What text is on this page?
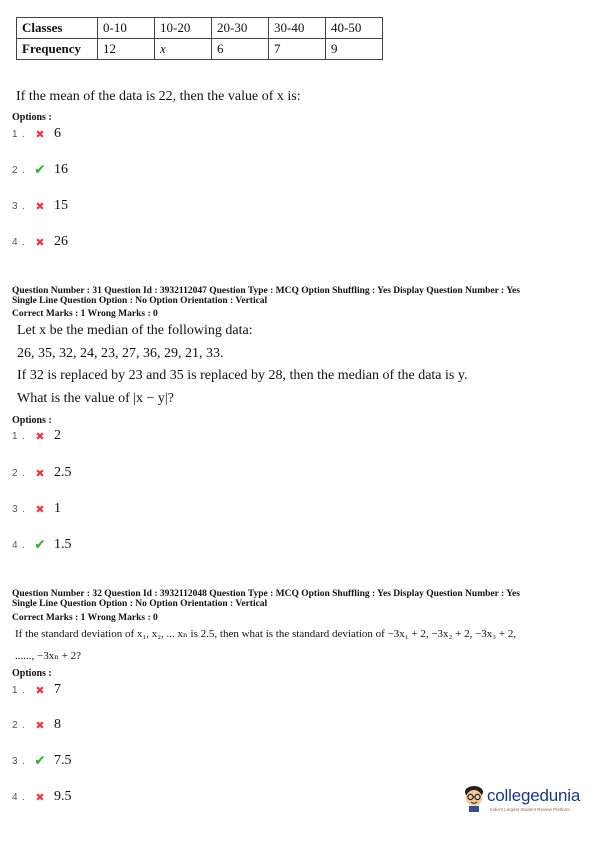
Classes	0-10	10-20	20-30	30-40	40-50
Frequency	12	x	6	7	9
If the mean of the data is 22, then the value of x is:
Options :
1 . ✖ 6
2 . ✔ 16
3 . ✖ 15
4 . ✖ 26
Question Number : 31 Question Id : 3932112047 Question Type : MCQ Option Shuffling : Yes Display Question Number : Yes
Single Line Question Option : No Option Orientation : Vertical
Correct Marks : 1 Wrong Marks : 0
Let x be the median of the following data:
26, 35, 32, 24, 23, 27, 36, 29, 21, 33.
If 32 is replaced by 23 and 35 is replaced by 28, then the median of the data is y.
What is the value of |x − y|?
Options :
1 . ✖ 2
2 . ✖ 2.5
3 . ✖ 1
4 . ✔ 1.5
Question Number : 32 Question Id : 3932112048 Question Type : MCQ Option Shuffling : Yes Display Question Number : Yes
Single Line Question Option : No Option Orientation : Vertical
Correct Marks : 1 Wrong Marks : 0
If the standard deviation of x₁, x₂, ... xₙ is 2.5, then what is the standard deviation of −3x₁ + 2, −3x₂ + 2, −3x₃ + 2,
......, −3xₙ + 2?
Options :
1 . ✖ 7
2 . ✖ 8
3 . ✔ 7.5
4 . ✖ 9.5	collegedunia
India's Largest Student Review Platform
